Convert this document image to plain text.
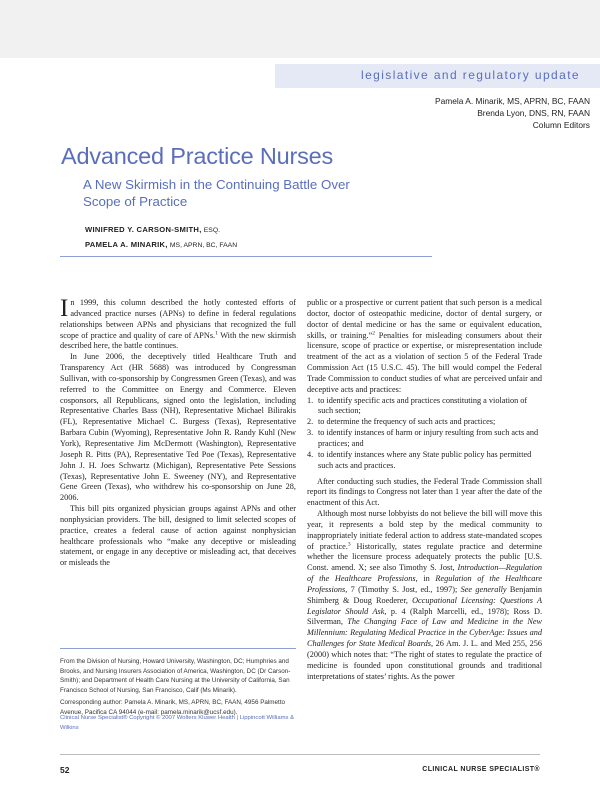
legislative and regulatory update
Pamela A. Minarik, MS, APRN, BC, FAAN
Brenda Lyon, DNS, RN, FAAN
Column Editors
Advanced Practice Nurses
A New Skirmish in the Continuing Battle Over Scope of Practice
WINIFRED Y. CARSON-SMITH, ESQ.
PAMELA A. MINARIK, MS, APRN, BC, FAAN

In 1999, this column described the hotly contested efforts of advanced practice nurses (APNs) to define in federal regulations relationships between APNs and physicians that recognized the full scope of practice and quality of care of APNs.$^1$ With the new skirmish described here, the battle continues.

In June 2006, the deceptively titled Healthcare Truth and Transparency Act (HR 5688) was introduced by Congressman Sullivan, with co-sponsorship by Congressmen Green (Texas), and was referred to the Committee on Energy and Commerce. Eleven cosponsors, all Republicans, signed onto the legislation, including Representative Charles Bass (NH), Representative Michael Bilirakis (FL), Representative Michael C. Burgess (Texas), Representative Barbara Cubin (Wyoming), Representative John R. Randy Kuhl (New York), Representative Jim McDermott (Washington), Representative Joseph R. Pitts (PA), Representative Ted Poe (Texas), Representative John J. H. Joes Schwartz (Michigan), Representative Pete Sessions (Texas), Representative John E. Sweeney (NY), and Representative Gene Green (Texas), who withdrew his co-sponsorship on June 28, 2006.

This bill pits organized physician groups against APNs and other nonphysician providers. The bill, designed to limit selected scopes of practice, creates a federal cause of action against nonphysician healthcare professionals who “make any deceptive or misleading statement, or engage in any deceptive or misleading act, that deceives or misleads the

public or a prospective or current patient that such person is a medical doctor, doctor of osteopathic medicine, doctor of dental surgery, or doctor of dental medicine or has the same or equivalent education, skills, or training.”$^2$ Penalties for misleading consumers about their licensure, scope of practice or expertise, or misrepresentation include treatment of the act as a violation of section 5 of the Federal Trade Commission Act (15 U.S.C. 45). The bill would compel the Federal Trade Commission to conduct studies of what are perceived unfair and deceptive acts and practices:

1. to identify specific acts and practices constituting a violation of such section;
2. to determine the frequency of such acts and practices;
3. to identify instances of harm or injury resulting from such acts and practices; and
4. to identify instances where any State public policy has permitted such acts and practices.

After conducting such studies, the Federal Trade Commission shall report its findings to Congress not later than 1 year after the date of the enactment of this Act.

Although most nurse lobbyists do not believe the bill will move this year, it represents a bold step by the medical community to inappropriately initiate federal action to address state-mandated scopes of practice.$^3$ Historically, states regulate practice and determine whether the licensure process adequately protects the public [U.S. Const. amend. X; see also Timothy S. Jost, Introduction—Regulation of the Healthcare Professions, in Regulation of the Healthcare Professions, 7 (Timothy S. Jost, ed., 1997); See generally Benjamin Shimberg & Doug Roederer, Occupational Licensing: Questions A Legislator Should Ask, p. 4 (Ralph Marcelli, ed., 1978); Ross D. Silverman, The Changing Face of Law and Medicine in the New Millennium: Regulating Medical Practice in the CyberAge: Issues and Challenges for State Medical Boards, 26 Am. J. L. and Med 255, 256 (2000) which notes that: “The right of states to regulate the practice of medicine is founded upon constitutional grounds and traditional interpretations of states’ rights. As the power

From the Division of Nursing, Howard University, Washington, DC; Humphries and Brooks, and Nursing Insurers Association of America, Washington, DC (Dr Carson-Smith); and Department of Health Care Nursing at the University of California, San Francisco School of Nursing, San Francisco, Calif (Ms Minarik).

Corresponding author: Pamela A. Minarik, MS, APRN, BC, FAAN, 4956 Palmetto Avenue, Pacifica CA 94044 (e-mail: pamela.minarik@ucsf.edu).

Clinical Nurse Specialist® Copyright © 2007 Wolters Kluwer Health | Lippincott Williams & Wilkins
52	CLINICAL NURSE SPECIALIST®
